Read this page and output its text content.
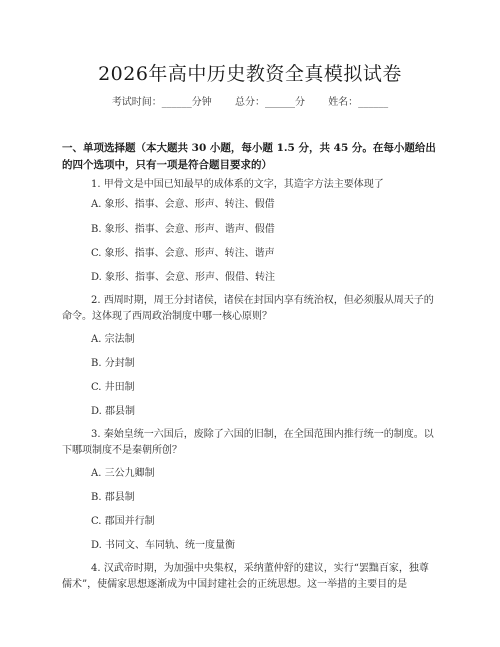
2026年高中历史教资全真模拟试卷
考试时间：______分钟 总分：______分 姓名：______
一、单项选择题（本大题共 30 小题，每小题 1.5 分，共 45 分。在每小题给出的四个选项中，只有一项是符合题目要求的）
1. 甲骨文是中国已知最早的成体系的文字，其造字方法主要体现了
A. 象形、指事、会意、形声、转注、假借
B. 象形、指事、会意、形声、谐声、假借
C. 象形、指事、会意、形声、转注、谐声
D. 象形、指事、会意、形声、假借、转注
2. 西周时期，周王分封诸侯，诸侯在封国内享有统治权，但必须服从周天子的命令。这体现了西周政治制度中哪一核心原则？
A. 宗法制
B. 分封制
C. 井田制
D. 郡县制
3. 秦始皇统一六国后，废除了六国的旧制，在全国范围内推行统一的制度。以下哪项制度不是秦朝所创？
A. 三公九卿制
B. 郡县制
C. 郡国并行制
D. 书同文、车同轨、统一度量衡
4. 汉武帝时期，为加强中央集权，采纳董仲舒的建议，实行“罢黜百家，独尊儒术”，使儒家思想逐渐成为中国封建社会的正统思想。这一举措的主要目的是
